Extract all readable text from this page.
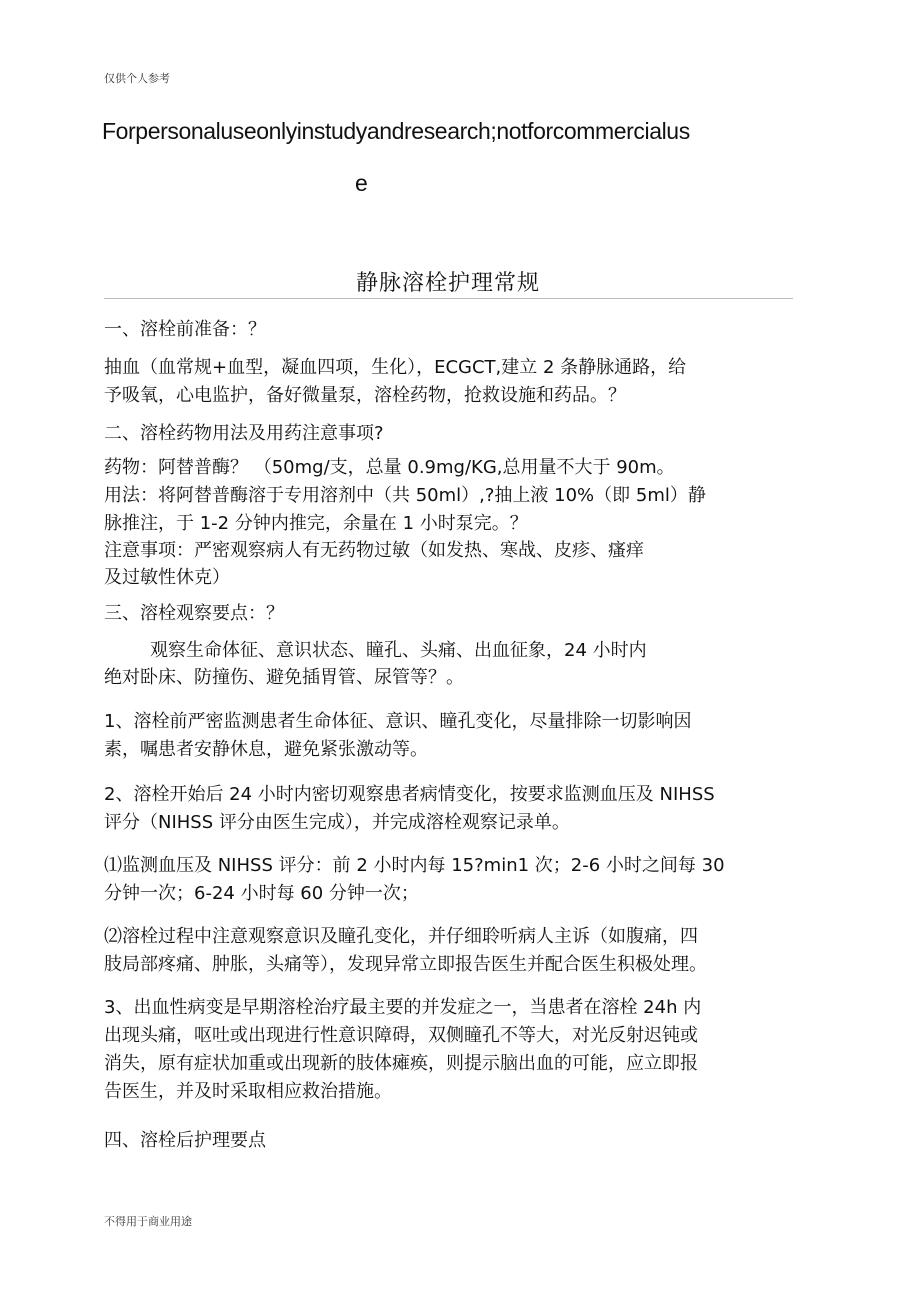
仅供个人参考
Forpersonaluseonlyinstudyandresearch;notforcommercialus
e
静脉溶栓护理常规
一、溶栓前准备：？
抽血（血常规+血型，凝血四项，生化），ECGCT,建立 2 条静脉通路，给
予吸氧，心电监护，备好微量泵，溶栓药物，抢救设施和药品。？
二、溶栓药物用法及用药注意事项?
药物：阿替普酶？ （50mg/支，总量 0.9mg/KG,总用量不大于 90m。
用法：将阿替普酶溶于专用溶剂中（共 50ml）,?抽上液 10%（即 5ml）静
脉推注，于 1-2 分钟内推完，余量在 1 小时泵完。？
注意事项：严密观察病人有无药物过敏（如发热、寒战、皮疹、瘙痒
及过敏性休克）
三、溶栓观察要点：？
观察生命体征、意识状态、瞳孔、头痛、出血征象，24 小时内
绝对卧床、防撞伤、避免插胃管、尿管等？。
1、溶栓前严密监测患者生命体征、意识、瞳孔变化，尽量排除一切影响因
素，嘱患者安静休息，避免紧张激动等。
2、溶栓开始后 24 小时内密切观察患者病情变化，按要求监测血压及 NIHSS
评分（NIHSS 评分由医生完成），并完成溶栓观察记录单。
⑴监测血压及 NIHSS 评分：前 2 小时内每 15?min1 次；2-6 小时之间每 30
分钟一次；6-24 小时每 60 分钟一次；
⑵溶栓过程中注意观察意识及瞳孔变化，并仔细聆听病人主诉（如腹痛，四
肢局部疼痛、肿胀，头痛等），发现异常立即报告医生并配合医生积极处理。
3、出血性病变是早期溶栓治疗最主要的并发症之一，当患者在溶栓 24h 内
出现头痛，呕吐或出现进行性意识障碍，双侧瞳孔不等大，对光反射迟钝或
消失，原有症状加重或出现新的肢体瘫痪，则提示脑出血的可能，应立即报
告医生，并及时采取相应救治措施。
四、溶栓后护理要点
不得用于商业用途
